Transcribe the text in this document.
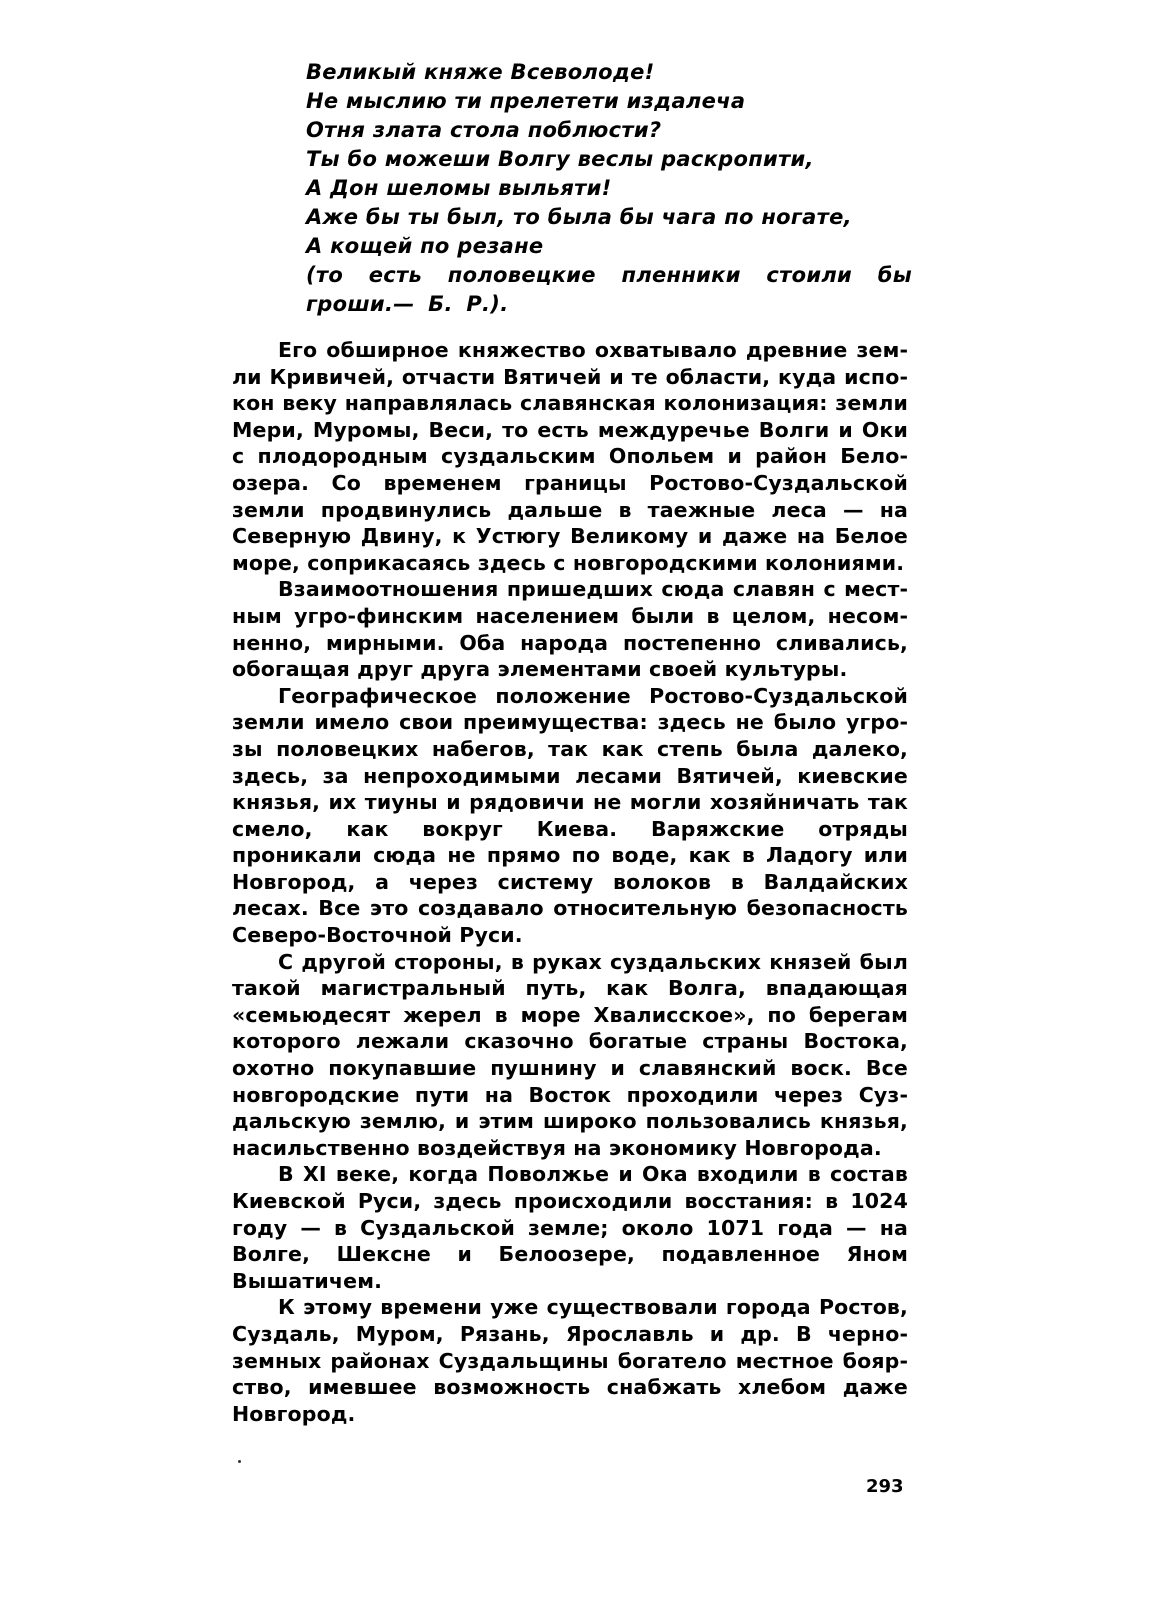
Великый княже Всеволоде!
Не мыслию ти прелетети издалеча
Отня злата стола поблюсти?
Ты бо можеши Волгу веслы раскропити,
А Дон шеломы выльяти!
Аже бы ты был, то была бы чага по ногате,
А кощей по резане
(то есть половецкие пленники стоили бы гроши.— Б. Р.).

Его обширное княжество охватывало древние земли Кривичей, отчасти Вятичей и те области, куда испокон веку направлялась славянская колонизация: земли Мери, Муромы, Веси, то есть междуречье Волги и Оки с плодородным суздальским Опольем и район Белоозера. Со временем границы Ростово-Суздальской земли продвинулись дальше в таежные леса — на Северную Двину, к Устюгу Великому и даже на Белое море, соприкасаясь здесь с новгородскими колониями.

Взаимоотношения пришедших сюда славян с местным угро-финским населением были в целом, несомненно, мирными. Оба народа постепенно сливались, обогащая друг друга элементами своей культуры.

Географическое положение Ростово-Суздальской земли имело свои преимущества: здесь не было угрозы половецких набегов, так как степь была далеко, здесь, за непроходимыми лесами Вятичей, киевские князья, их тиуны и рядовичи не могли хозяйничать так смело, как вокруг Киева. Варяжские отряды проникали сюда не прямо по воде, как в Ладогу или Новгород, а через систему волоков в Валдайских лесах. Все это создавало относительную безопасность Северо-Восточной Руси.

С другой стороны, в руках суздальских князей был такой магистральный путь, как Волга, впадающая «семьюдесят жерел в море Хвалисское», по берегам которого лежали сказочно богатые страны Востока, охотно покупавшие пушнину и славянский воск. Все новгородские пути на Восток проходили через Суздальскую землю, и этим широко пользовались князья, насильственно воздействуя на экономику Новгорода.

В XI веке, когда Поволжье и Ока входили в состав Киевской Руси, здесь происходили восстания: в 1024 году — в Суздальской земле; около 1071 года — на Волге, Шексне и Белоозере, подавленное Яном Вышатичем.

К этому времени уже существовали города Ростов, Суздаль, Муром, Рязань, Ярославль и др. В черноземных районах Суздальщины богатело местное боярство, имевшее возможность снабжать хлебом даже Новгород.

293
